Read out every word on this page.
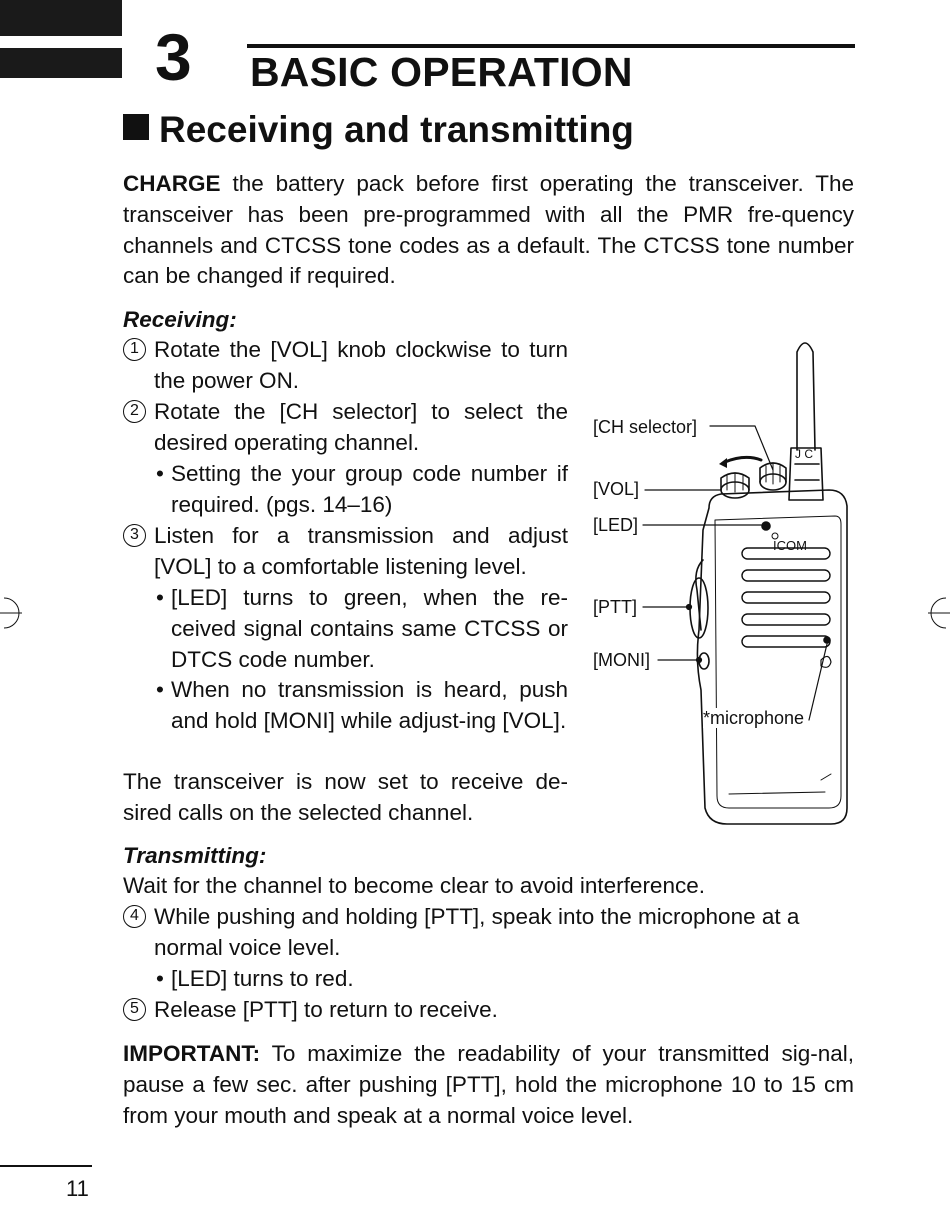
3 BASIC OPERATION
Receiving and transmitting

CHARGE the battery pack before first operating the transceiver. The transceiver has been pre-programmed with all the PMR fre-quency channels and CTCSS tone codes as a default. The CTCSS tone number can be changed if required.

Receiving:
1 Rotate the [VOL] knob clockwise to turn the power ON.
2 Rotate the [CH selector] to select the desired operating channel.
• Setting the your group code number if required. (pgs. 14–16)
3 Listen for a transmission and adjust [VOL] to a comfortable listening level.
• [LED] turns to green, when the re-ceived signal contains same CTCSS or DTCS code number.
• When no transmission is heard, push and hold [MONI] while adjust-ing [VOL].
The transceiver is now set to receive de-sired calls on the selected channel.
ICOM
J C
[CH selector]
[VOL]
[LED]
[PTT]
[MONI]
*microphone
Transmitting:
Wait for the channel to become clear to avoid interference.
4 While pushing and holding [PTT], speak into the microphone at a normal voice level.
• [LED] turns to red.
5 Release [PTT] to return to receive.

IMPORTANT: To maximize the readability of your transmitted sig-nal, pause a few sec. after pushing [PTT], hold the microphone 10 to 15 cm from your mouth and speak at a normal voice level.

11
